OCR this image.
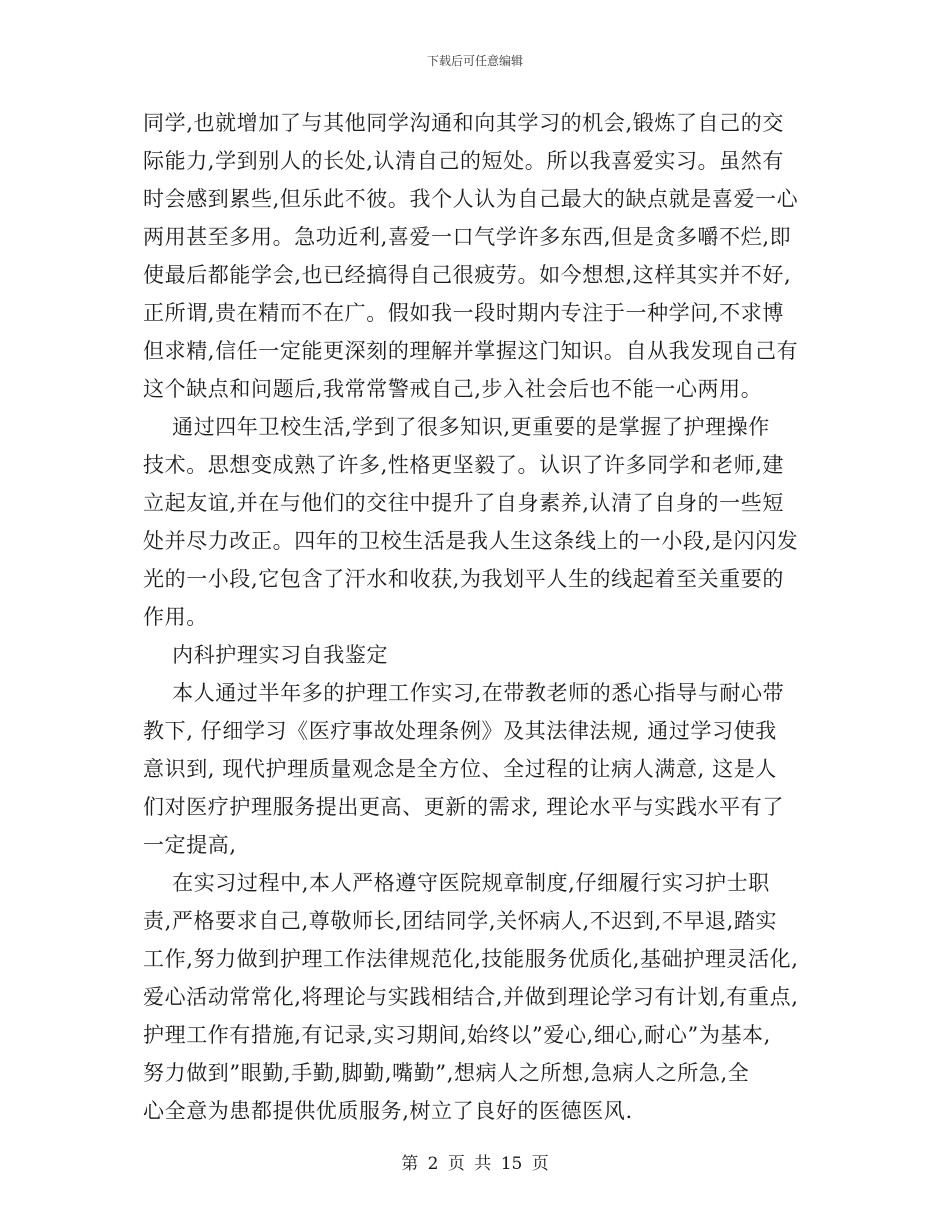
下载后可任意编辑
同学,也就增加了与其他同学沟通和向其学习的机会,锻炼了自己的交
际能力,学到别人的长处,认清自己的短处。所以我喜爱实习。虽然有
时会感到累些,但乐此不彼。我个人认为自己最大的缺点就是喜爱一心
两用甚至多用。急功近利,喜爱一口气学许多东西,但是贪多嚼不烂,即
使最后都能学会,也已经搞得自己很疲劳。如今想想,这样其实并不好,
正所谓,贵在精而不在广。假如我一段时期内专注于一种学问,不求博
但求精,信任一定能更深刻的理解并掌握这门知识。自从我发现自己有
这个缺点和问题后,我常常警戒自己,步入社会后也不能一心两用。
通过四年卫校生活,学到了很多知识,更重要的是掌握了护理操作
技术。思想变成熟了许多,性格更坚毅了。认识了许多同学和老师,建
立起友谊,并在与他们的交往中提升了自身素养,认清了自身的一些短
处并尽力改正。四年的卫校生活是我人生这条线上的一小段,是闪闪发
光的一小段,它包含了汗水和收获,为我划平人生的线起着至关重要的
作用。
内科护理实习自我鉴定
本人通过半年多的护理工作实习,在带教老师的悉心指导与耐心带
教下, 仔细学习《医疗事故处理条例》及其法律法规, 通过学习使我
意识到, 现代护理质量观念是全方位、全过程的让病人满意, 这是人
们对医疗护理服务提出更高、更新的需求, 理论水平与实践水平有了
一定提高,
在实习过程中,本人严格遵守医院规章制度,仔细履行实习护士职
责,严格要求自己,尊敬师长,团结同学,关怀病人,不迟到,不早退,踏实
工作,努力做到护理工作法律规范化,技能服务优质化,基础护理灵活化,
爱心活动常常化,将理论与实践相结合,并做到理论学习有计划,有重点,
护理工作有措施,有记录,实习期间,始终以”爱心,细心,耐心”为基本,
努力做到”眼勤,手勤,脚勤,嘴勤”,想病人之所想,急病人之所急,全
心全意为患都提供优质服务,树立了良好的医德医风.
第 2 页 共 15 页
